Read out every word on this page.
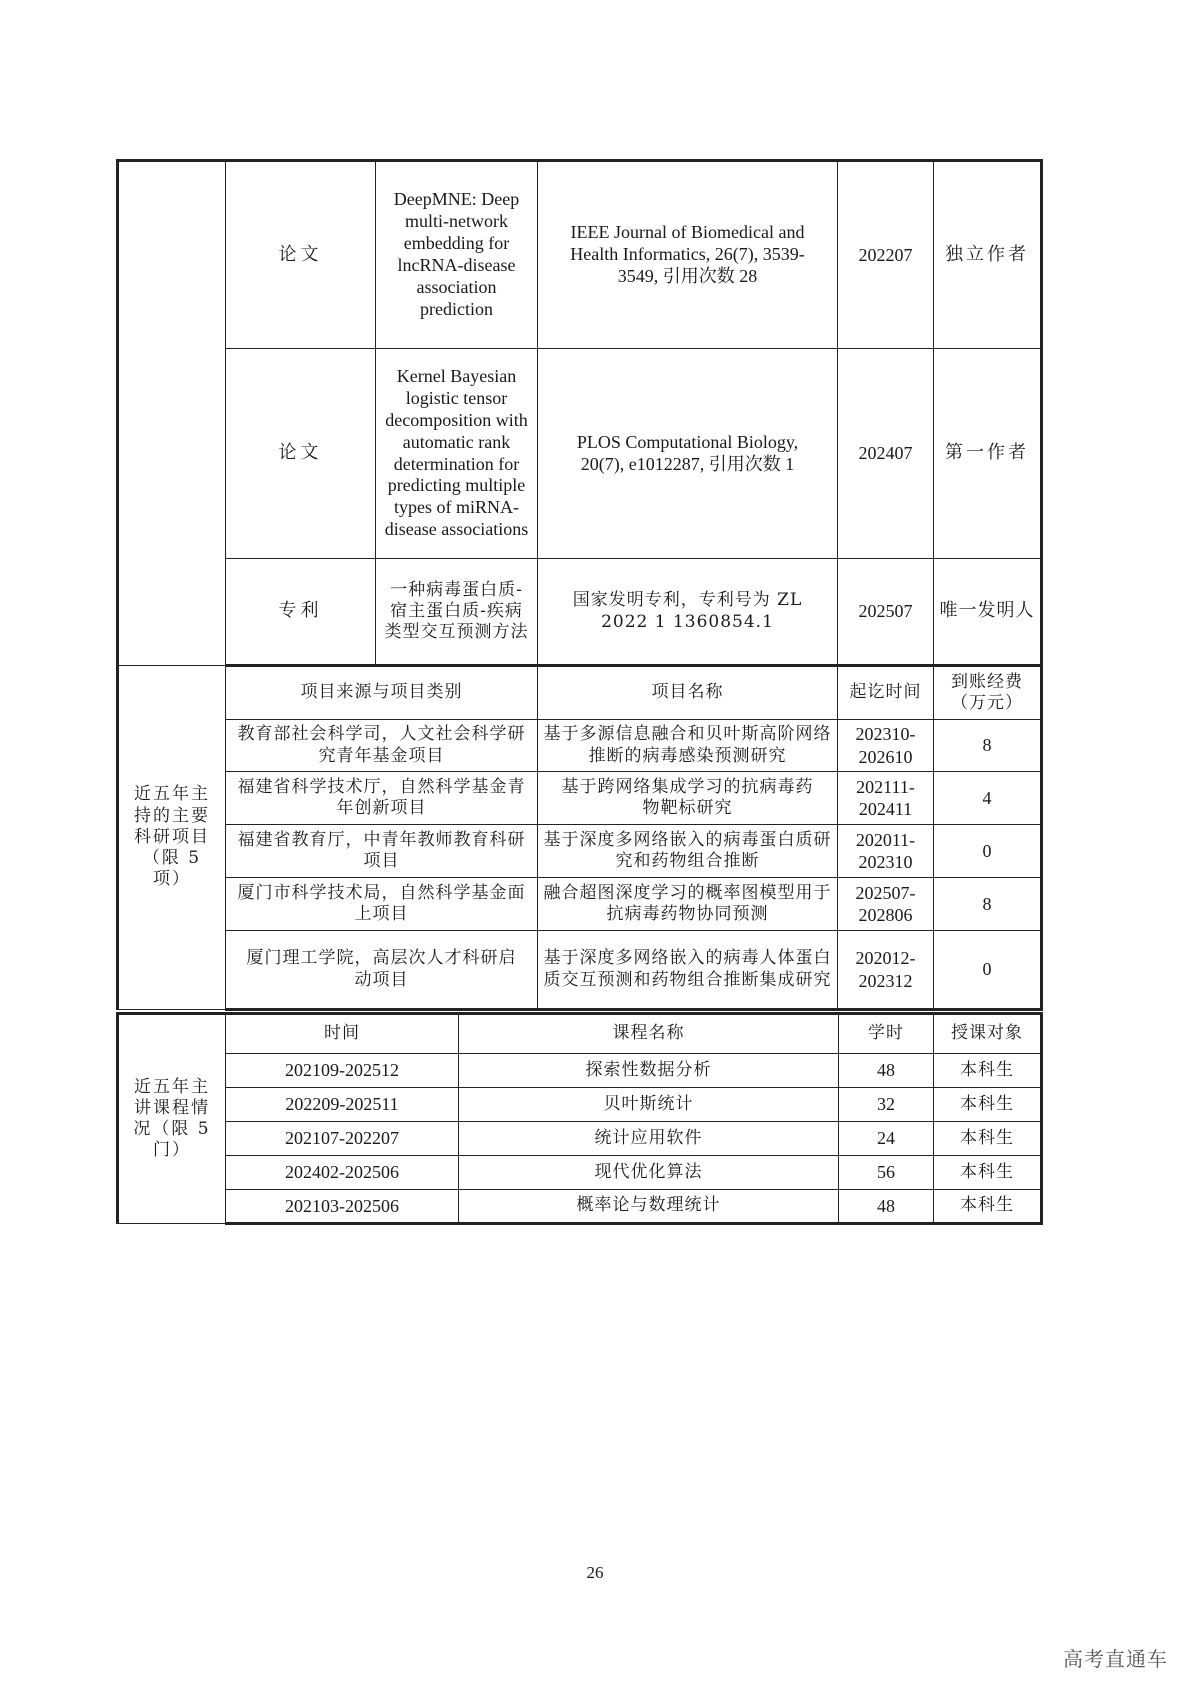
	论文	DeepMNE: Deep multi-network embedding for lncRNA-disease association prediction	IEEE Journal of Biomedical and Health Informatics, 26(7), 3539-3549, 引用次数 28	202207	独立作者
	论文	Kernel Bayesian logistic tensor decomposition with automatic rank determination for predicting multiple types of miRNA-disease associations	PLOS Computational Biology, 20(7), e1012287, 引用次数 1	202407	第一作者
	专利	一种病毒蛋白质-宿主蛋白质-疾病类型交互预测方法	国家发明专利，专利号为 ZL 2022 1 1360854.1	202507	唯一发明人
近五年主持的主要科研项目（限 5 项）	项目来源与项目类别		项目名称	起讫时间	到账经费（万元）
	教育部社会科学司，人文社会科学研究青年基金项目		基于多源信息融合和贝叶斯高阶网络推断的病毒感染预测研究	202310-202610	8
	福建省科学技术厅，自然科学基金青年创新项目		基于跨网络集成学习的抗病毒药物靶标研究	202111-202411	4
	福建省教育厅，中青年教师教育科研项目		基于深度多网络嵌入的病毒蛋白质研究和药物组合推断	202011-202310	0
	厦门市科学技术局，自然科学基金面上项目		融合超图深度学习的概率图模型用于抗病毒药物协同预测	202507-202806	8
	厦门理工学院，高层次人才科研启动项目		基于深度多网络嵌入的病毒人体蛋白质交互预测和药物组合推断集成研究	202012-202312	0
近五年主讲课程情况（限 5 门）	时间	课程名称	学时	授课对象
	202109-202512	探索性数据分析	48	本科生
	202209-202511	贝叶斯统计	32	本科生
	202107-202207	统计应用软件	24	本科生
	202402-202506	现代优化算法	56	本科生
	202103-202506	概率论与数理统计	48	本科生
26
高考直通车
